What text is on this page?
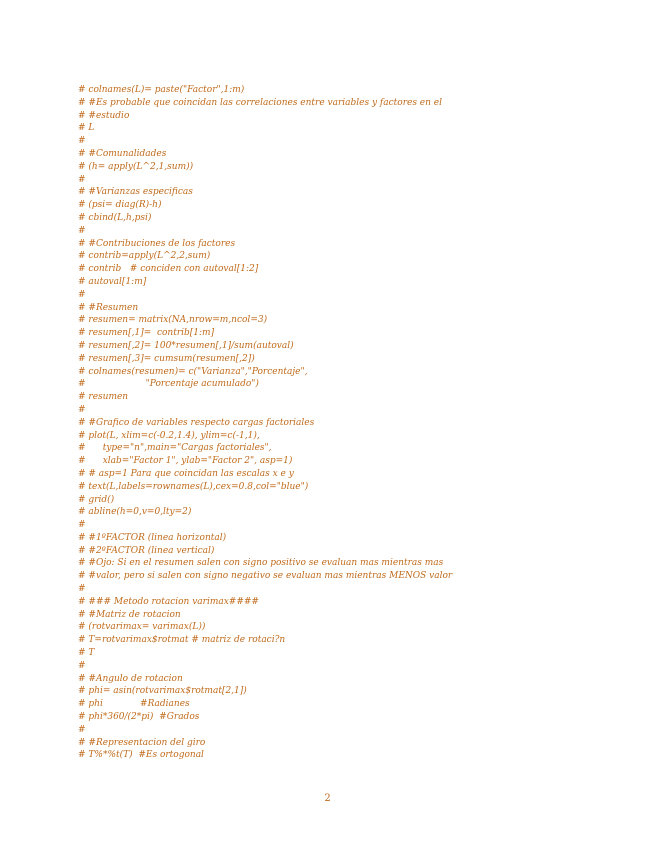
# colnames(L)= paste("Factor",1:m)
# #Es probable que coincidan las correlaciones entre variables y factores en el
# #estudio
# L
#
# #Comunalidades
# (h= apply(L^2,1,sum))
#
# #Varianzas especificas
# (psi= diag(R)-h)
# cbind(L,h,psi)
#
# #Contribuciones de los factores
# contrib=apply(L^2,2,sum)
# contrib   # conciden con autoval[1:2]
# autoval[1:m]
#
# #Resumen
# resumen= matrix(NA,nrow=m,ncol=3)
# resumen[,1]=  contrib[1:m]
# resumen[,2]= 100*resumen[,1]/sum(autoval)
# resumen[,3]= cumsum(resumen[,2])
# colnames(resumen)= c("Varianza","Porcentaje",
#                     "Porcentaje acumulado")
# resumen
#
# #Grafico de variables respecto cargas factoriales
# plot(L, xlim=c(-0.2,1.4), ylim=c(-1,1),
#      type="n",main="Cargas factoriales",
#      xlab="Factor 1", ylab="Factor 2", asp=1)
# # asp=1 Para que coincidan las escalas x e y
# text(L,labels=rownames(L),cex=0.8,col="blue")
# grid()
# abline(h=0,v=0,lty=2)
#
# #1ºFACTOR (linea horizontal)
# #2ºFACTOR (linea vertical)
# #Ojo: Si en el resumen salen con signo positivo se evaluan mas mientras mas
# #valor, pero si salen con signo negativo se evaluan mas mientras MENOS valor
#
# ### Metodo rotacion varimax####
# #Matriz de rotacion
# (rotvarimax= varimax(L))
# T=rotvarimax$rotmat # matriz de rotaci?n
# T
#
# #Angulo de rotacion
# phi= asin(rotvarimax$rotmat[2,1])
# phi             #Radianes
# phi*360/(2*pi)  #Grados
#
# #Representacion del giro
# T%*%t(T)  #Es ortogonal
2
